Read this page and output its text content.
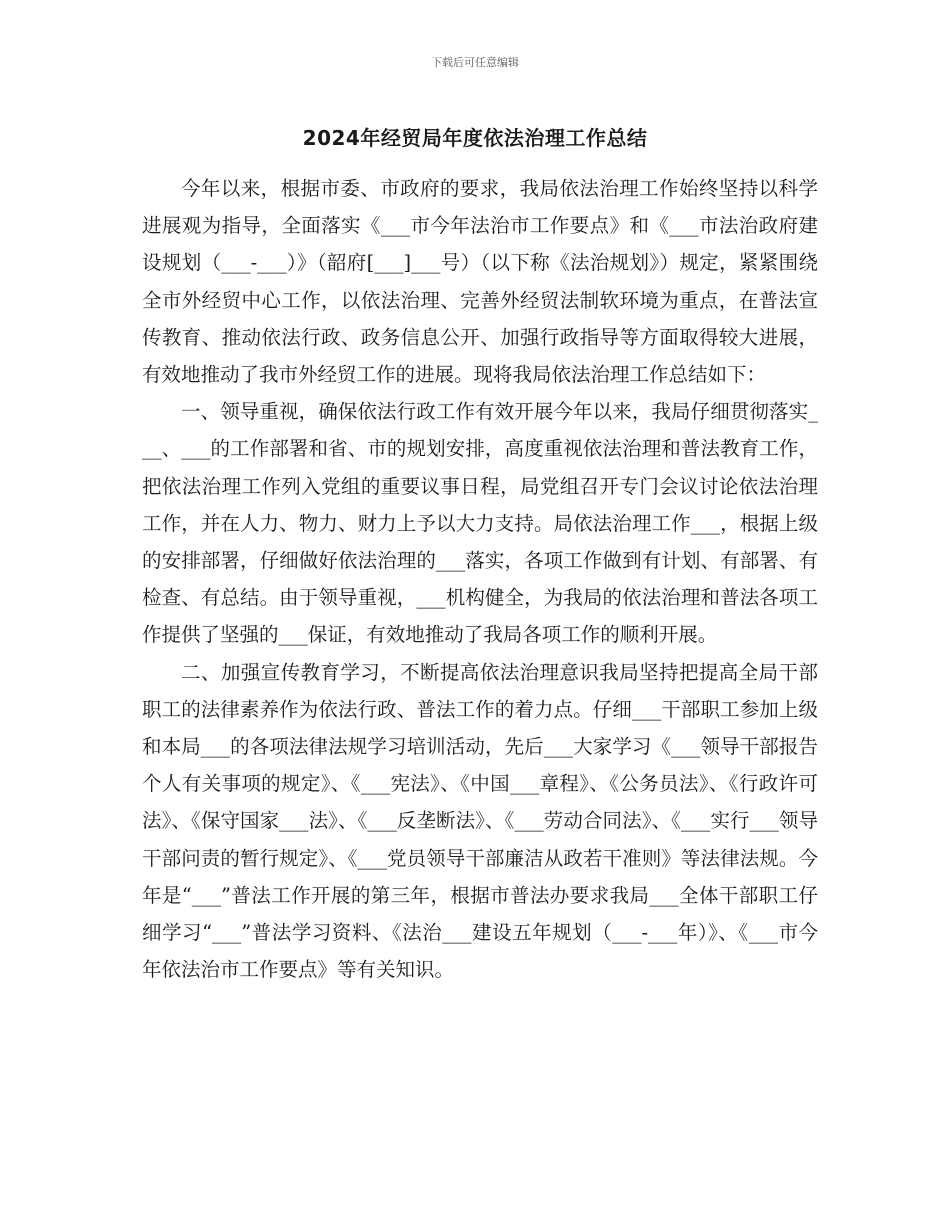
下载后可任意编辑
2024年经贸局年度依法治理工作总结

今年以来，根据市委、市政府的要求，我局依法治理工作始终坚持以科学进展观为指导，全面落实《___市今年法治市工作要点》和《___市法治政府建设规划（___-___）》（韶府[___]___号）（以下称《法治规划》）规定，紧紧围绕全市外经贸中心工作，以依法治理、完善外经贸法制软环境为重点，在普法宣传教育、推动依法行政、政务信息公开、加强行政指导等方面取得较大进展，有效地推动了我市外经贸工作的进展。现将我局依法治理工作总结如下：

一、领导重视，确保依法行政工作有效开展今年以来，我局仔细贯彻落实___、___的工作部署和省、市的规划安排，高度重视依法治理和普法教育工作，把依法治理工作列入党组的重要议事日程，局党组召开专门会议讨论依法治理工作，并在人力、物力、财力上予以大力支持。局依法治理工作___，根据上级的安排部署，仔细做好依法治理的___落实，各项工作做到有计划、有部署、有检查、有总结。由于领导重视，___机构健全，为我局的依法治理和普法各项工作提供了坚强的___保证，有效地推动了我局各项工作的顺利开展。

二、加强宣传教育学习，不断提高依法治理意识我局坚持把提高全局干部职工的法律素养作为依法行政、普法工作的着力点。仔细___干部职工参加上级和本局___的各项法律法规学习培训活动，先后___大家学习《___领导干部报告个人有关事项的规定》、《___宪法》、《中国___章程》、《公务员法》、《行政许可法》、《保守国家___法》、《___反垄断法》、《___劳动合同法》、《___实行___领导干部问责的暂行规定》、《___党员领导干部廉洁从政若干准则》等法律法规。今年是“___”普法工作开展的第三年，根据市普法办要求我局___全体干部职工仔细学习“___”普法学习资料、《法治___建设五年规划（___-___年）》、《___市今年依法治市工作要点》等有关知识。
